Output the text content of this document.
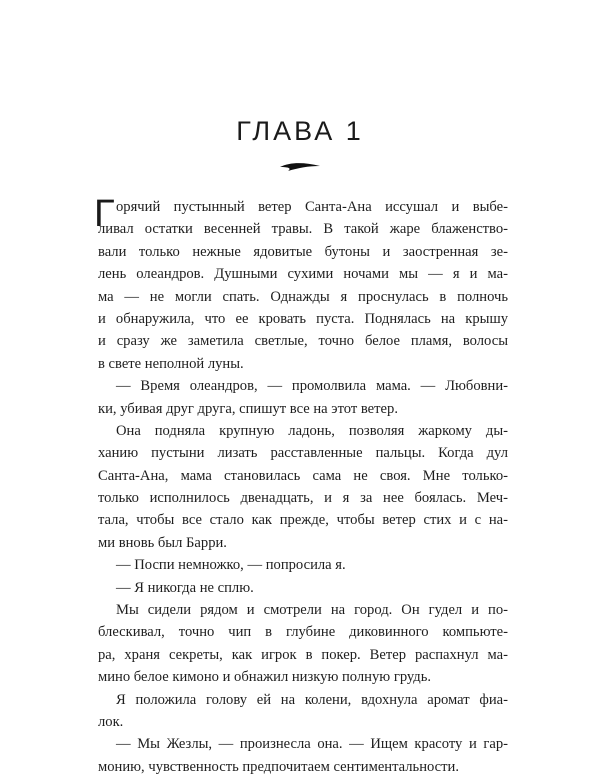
ГЛАВА 1
Г орячий пустынный ветер Санта-Ана иссушал и выбе-
ливал остатки весенней травы. В такой жаре блаженство-
вали только нежные ядовитые бутоны и заостренная зе-
лень олеандров. Душными сухими ночами мы — я и ма-
ма — не могли спать. Однажды я проснулась в полночь
и обнаружила, что ее кровать пуста. Поднялась на крышу
и сразу же заметила светлые, точно белое пламя, волосы
в свете неполной луны.
— Время олеандров, — промолвила мама. — Любовни-
ки, убивая друг друга, спишут все на этот ветер.
Она подняла крупную ладонь, позволяя жаркому ды-
ханию пустыни лизать расставленные пальцы. Когда дул
Санта-Ана, мама становилась сама не своя. Мне только-
только исполнилось двенадцать, и я за нее боялась. Меч-
тала, чтобы все стало как прежде, чтобы ветер стих и с на-
ми вновь был Барри.
— Поспи немножко, — попросила я.
— Я никогда не сплю.
Мы сидели рядом и смотрели на город. Он гудел и по-
блескивал, точно чип в глубине диковинного компьюте-
ра, храня секреты, как игрок в покер. Ветер распахнул ма-
мино белое кимоно и обнажил низкую полную грудь.
Я положила голову ей на колени, вдохнула аромат фиа-
лок.
— Мы Жезлы, — произнесла она. — Ищем красоту и гар-
монию, чувственность предпочитаем сентиментальности.
